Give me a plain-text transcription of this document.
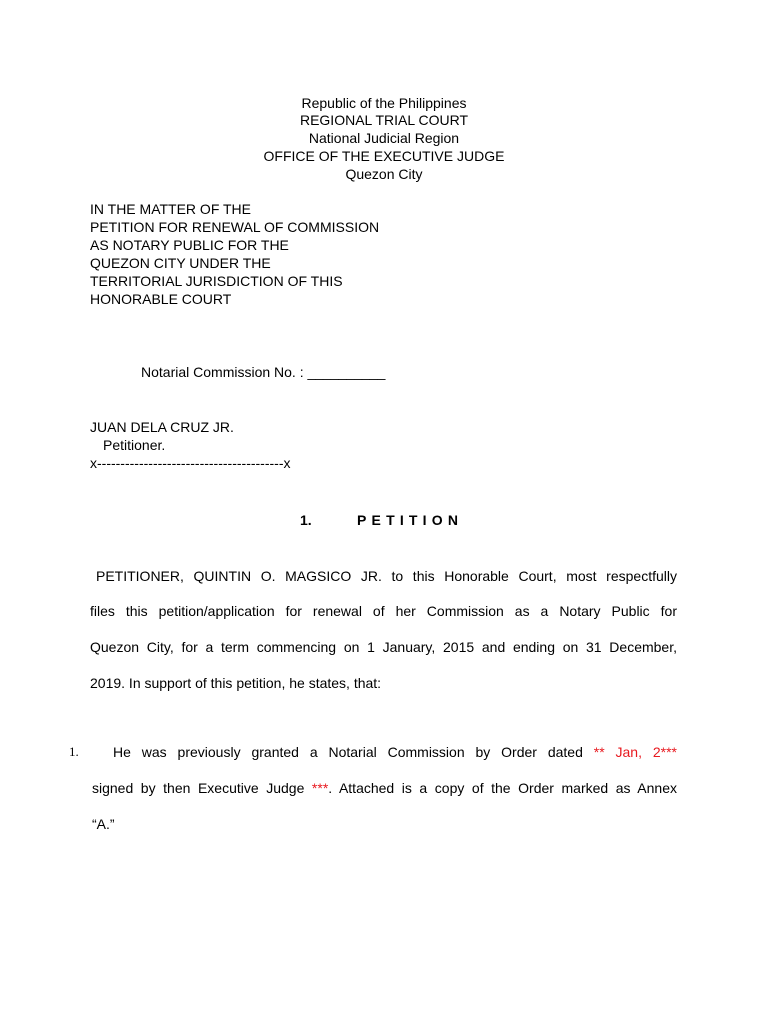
Republic of the Philippines
REGIONAL TRIAL COURT
National Judicial Region
OFFICE OF THE EXECUTIVE JUDGE
Quezon City
IN THE MATTER OF THE
PETITION FOR RENEWAL OF COMMISSION
AS NOTARY PUBLIC FOR THE
QUEZON CITY UNDER THE
TERRITORIAL JURISDICTION OF THIS
HONORABLE COURT
Notarial Commission No. : __________
JUAN DELA CRUZ JR.
Petitioner.
x----------------------------------------x
1.	PETITION
PETITIONER, QUINTIN O. MAGSICO JR. to this Honorable Court, most respectfully
files this petition/application for renewal of her Commission as a Notary Public for
Quezon City, for a term commencing on 1 January, 2015 and ending on 31 December,
2019. In support of this petition, he states, that:
1. He was previously granted a Notarial Commission by Order dated ** Jan, 2***
signed by then Executive Judge ***. Attached is a copy of the Order marked as Annex
“A.”
